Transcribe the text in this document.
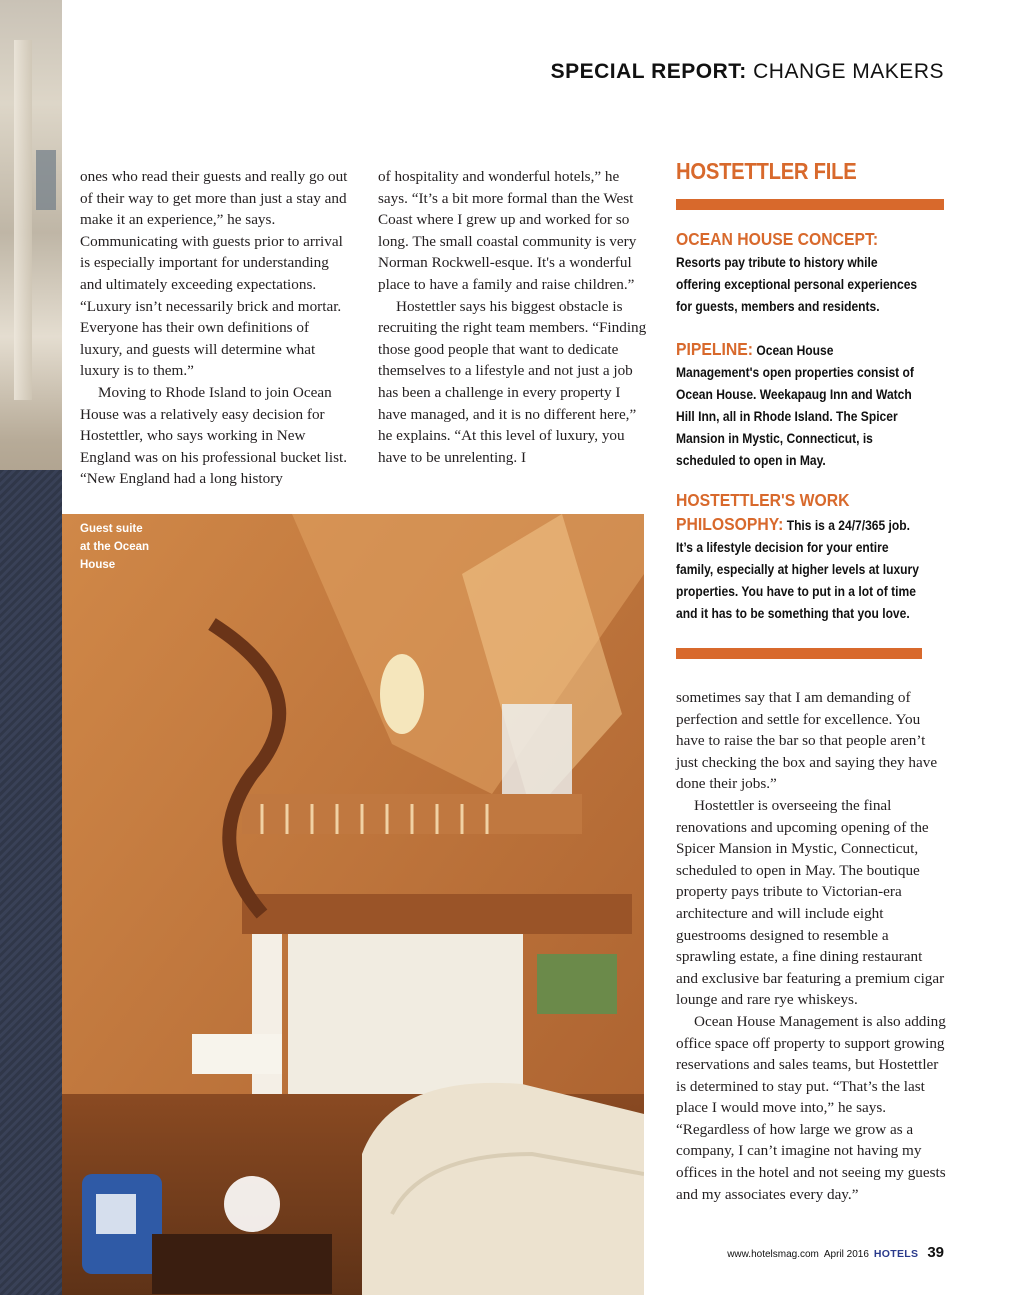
SPECIAL REPORT: CHANGE MAKERS

ones who read their guests and really go out of their way to get more than just a stay and make it an experience,” he says. Communicating with guests prior to arrival is especially important for understanding and ultimately exceeding expectations. “Luxury isn’t necessarily brick and mortar. Everyone has their own definitions of luxury, and guests will determine what luxury is to them.”

Moving to Rhode Island to join Ocean House was a relatively easy decision for Hostettler, who says working in New England was on his professional bucket list. “New England had a long history

of hospitality and wonderful hotels,” he says. “It’s a bit more formal than the West Coast where I grew up and worked for so long. The small coastal community is very Norman Rockwell-esque. It's a wonderful place to have a family and raise children.”

Hostettler says his biggest obstacle is recruiting the right team members. “Finding those good people that want to dedicate themselves to a lifestyle and not just a job has been a challenge in every property I have managed, and it is no different here,” he explains. “At this level of luxury, you have to be unrelenting. I

HOSTETTLER FILE
OCEAN HOUSE CONCEPT: Resorts pay tribute to history while offering exceptional personal experiences for guests, members and residents.
PIPELINE: Ocean House Management's open properties consist of Ocean House. Weekapaug Inn and Watch Hill Inn, all in Rhode Island. The Spicer Mansion in Mystic, Connecticut, is scheduled to open in May.
HOSTETTLER'S WORK PHILOSOPHY: This is a 24/7/365 job. It’s a lifestyle decision for your entire family, especially at higher levels at luxury properties. You have to put in a lot of time and it has to be something that you love.
Guest suite at the Ocean House

sometimes say that I am demanding of perfection and settle for excellence. You have to raise the bar so that people aren’t just checking the box and saying they have done their jobs.”

Hostettler is overseeing the final renovations and upcoming opening of the Spicer Mansion in Mystic, Connecticut, scheduled to open in May. The boutique property pays tribute to Victorian-era architecture and will include eight guestrooms designed to resemble a sprawling estate, a fine dining restaurant and exclusive bar featuring a premium cigar lounge and rare rye whiskeys.

Ocean House Management is also adding office space off property to support growing reservations and sales teams, but Hostettler is determined to stay put. “That’s the last place I would move into,” he says. “Regardless of how large we grow as a company, I can’t imagine not having my offices in the hotel and not seeing my guests and my associates every day.”

www.hotelsmag.com April 2016 HOTELS 39
